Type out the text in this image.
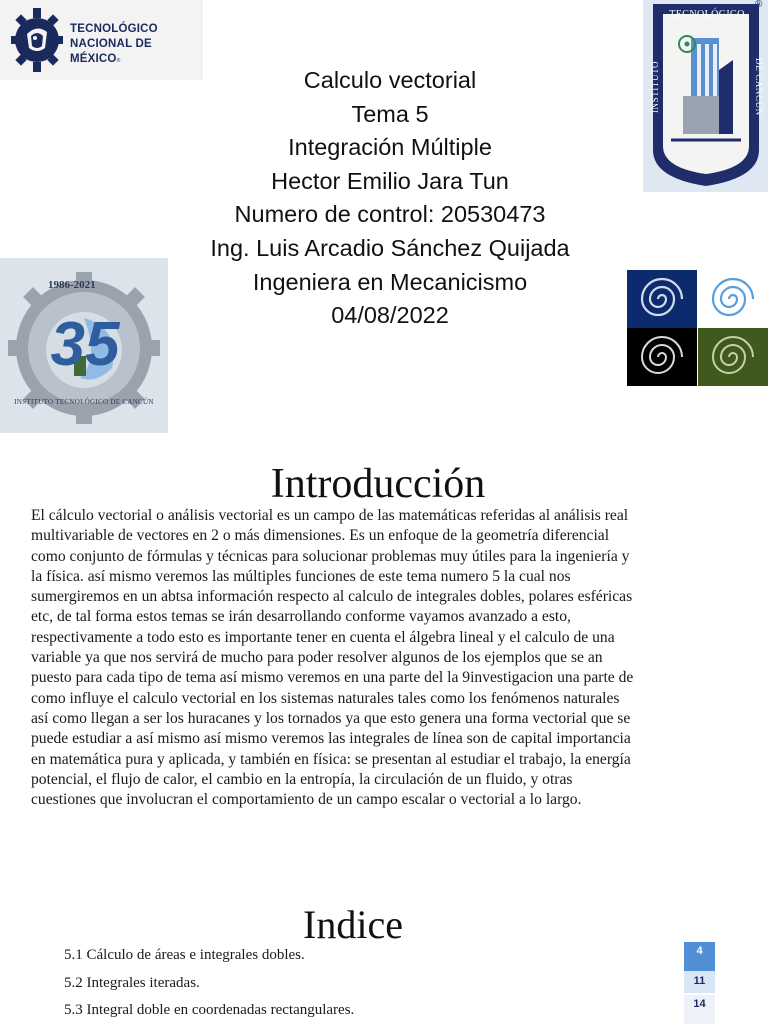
TECNOLÓGICO
NACIONAL DE MÉXICO®
TECNOLÓGICO
INSTITUTO	DE CANCÚN
®
Calculo vectorial
Tema 5
Integración Múltiple
Hector Emilio Jara Tun
Numero de control: 20530473
Ing. Luis Arcadio Sánchez Quijada
Ingeniera en Mecanicismo
04/08/2022
1986-2021
35
INSTITUTO TECNOLÓGICO DE CANCÚN
Introducción
El cálculo vectorial o análisis vectorial es un campo de las matemáticas referidas al análisis real
multivariable de vectores en 2 o más dimensiones. Es un enfoque de la geometría diferencial
como conjunto de fórmulas y técnicas para solucionar problemas muy útiles para la ingeniería y
la física. así mismo veremos las múltiples funciones de este tema numero 5 la cual nos
sumergiremos en un abtsa información respecto al calculo de integrales dobles, polares esféricas
etc, de tal forma estos temas se irán desarrollando conforme vayamos avanzado a esto,
respectivamente a todo esto es importante tener en cuenta el álgebra lineal y el calculo de una
variable ya que nos servirá de mucho para poder resolver algunos de los ejemplos que se an
puesto para cada tipo de tema así mismo veremos en una parte del la 9investigacion una parte de
como influye el calculo vectorial en los sistemas naturales tales como los fenómenos naturales
así como llegan a ser los huracanes y los tornados ya que esto genera una forma vectorial que se
puede estudiar a así mismo así mismo veremos las integrales de línea son de capital importancia
en matemática pura y aplicada, y también en física: se presentan al estudiar el trabajo, la energía
potencial, el flujo de calor, el cambio en la entropía, la circulación de un fluido, y otras
cuestiones que involucran el comportamiento de un campo escalar o vectorial a lo largo.
Indice
5.1 Cálculo de áreas e integrales dobles.	4
5.2 Integrales iteradas.	11
5.3 Integral doble en coordenadas rectangulares.	14
